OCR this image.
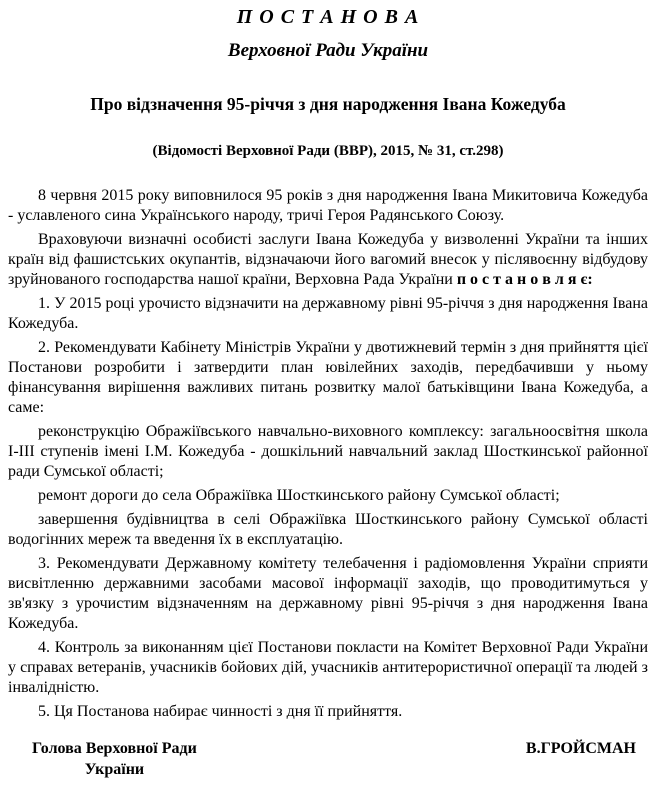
П О С Т А Н О В А
Верховної Ради України
Про відзначення 95-річчя з дня народження Івана Кожедуба
(Відомості Верховної Ради (ВВР), 2015, № 31, ст.298)

8 червня 2015 року виповнилося 95 років з дня народження Івана Микитовича Кожедуба - уславленого сина Українського народу, тричі Героя Радянського Союзу.

Враховуючи визначні особисті заслуги Івана Кожедуба у визволенні України та інших країн від фашистських окупантів, відзначаючи його вагомий внесок у післявоєнну відбудову зруйнованого господарства нашої країни, Верховна Рада України п о с т а н о в л я є:

1. У 2015 році урочисто відзначити на державному рівні 95-річчя з дня народження Івана Кожедуба.

2. Рекомендувати Кабінету Міністрів України у двотижневий термін з дня прийняття цієї Постанови розробити і затвердити план ювілейних заходів, передбачивши у ньому фінансування вирішення важливих питань розвитку малої батьківщини Івана Кожедуба, а саме:

реконструкцію Ображіївського навчально-виховного комплексу: загальноосвітня школа І-ІІІ ступенів імені І.М. Кожедуба - дошкільний навчальний заклад Шосткинської районної ради Сумської області;

ремонт дороги до села Ображіївка Шосткинського району Сумської області;

завершення будівництва в селі Ображіївка Шосткинського району Сумської області водогінних мереж та введення їх в експлуатацію.

3. Рекомендувати Державному комітету телебачення і радіомовлення України сприяти висвітленню державними засобами масової інформації заходів, що проводитимуться у зв'язку з урочистим відзначенням на державному рівні 95-річчя з дня народження Івана Кожедуба.

4. Контроль за виконанням цієї Постанови покласти на Комітет Верховної Ради України у справах ветеранів, учасників бойових дій, учасників антитерористичної операції та людей з інвалідністю.

5. Ця Постанова набирає чинності з дня її прийняття.

Голова Верховної Ради
України
В.ГРОЙСМАН
